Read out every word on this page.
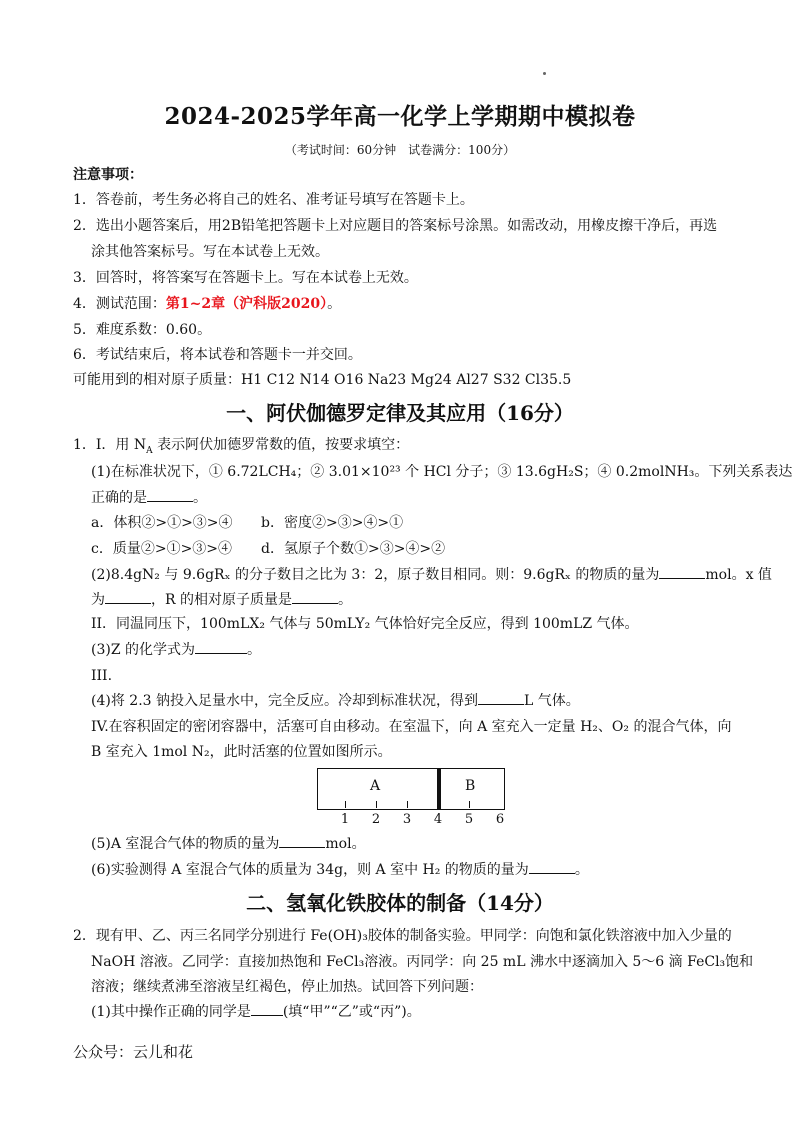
2024-2025学年高一化学上学期期中模拟卷
（考试时间：60分钟　试卷满分：100分）
注意事项：
1．答卷前，考生务必将自己的姓名、准考证号填写在答题卡上。
2．选出小题答案后，用2B铅笔把答题卡上对应题目的答案标号涂黑。如需改动，用橡皮擦干净后，再选
涂其他答案标号。写在本试卷上无效。
3．回答时，将答案写在答题卡上。写在本试卷上无效。
4．测试范围：第1~2章（沪科版2020）。
5．难度系数：0.60。
6．考试结束后，将本试卷和答题卡一并交回。
可能用到的相对原子质量：H1 C12 N14 O16 Na23 Mg24 Al27 S32 Cl35.5
一、阿伏伽德罗定律及其应用（16分）
1．I．用 $N_A$ 表示阿伏加德罗常数的值，按要求填空：
(1)在标准状况下，① 6.72LCH₄；② 3.01×10²³ 个 HCl 分子；③ 13.6gH₂S；④ 0.2molNH₃。下列关系表达
正确的是	。
a．体积②>①>③>④ b．密度②>③>④>①
c．质量②>①>③>④ d．氢原子个数①>③>④>②
(2)8.4gN₂ 与 9.6gRₓ 的分子数目之比为 3：2，原子数目相同。则：9.6gRₓ 的物质的量为	mol。x 值
为	，R 的相对原子质量是	。
II．同温同压下，100mLX₂ 气体与 50mLY₂ 气体恰好完全反应，得到 100mLZ 气体。
(3)Z 的化学式为	。
III.
(4)将 2.3 钠投入足量水中，完全反应。冷却到标准状况，得到	L 气体。
IV.在容积固定的密闭容器中，活塞可自由移动。在室温下，向 A 室充入一定量 H₂、O₂ 的混合气体，向
B 室充入 1mol N₂，此时活塞的位置如图所示。
A	B
1	2	3	4	5	6
(5)A 室混合气体的物质的量为	mol。
(6)实验测得 A 室混合气体的质量为 34g，则 A 室中 H₂ 的物质的量为	。
二、氢氧化铁胶体的制备（14分）
2．现有甲、乙、丙三名同学分别进行 Fe(OH)₃胶体的制备实验。甲同学：向饱和氯化铁溶液中加入少量的
NaOH 溶液。乙同学：直接加热饱和 FeCl₃溶液。丙同学：向 25 mL 沸水中逐滴加入 5～6 滴 FeCl₃饱和
溶液；继续煮沸至溶液呈红褐色，停止加热。试回答下列问题：
(1)其中操作正确的同学是 (填“甲”“乙”或“丙”)。
公众号：云儿和花
